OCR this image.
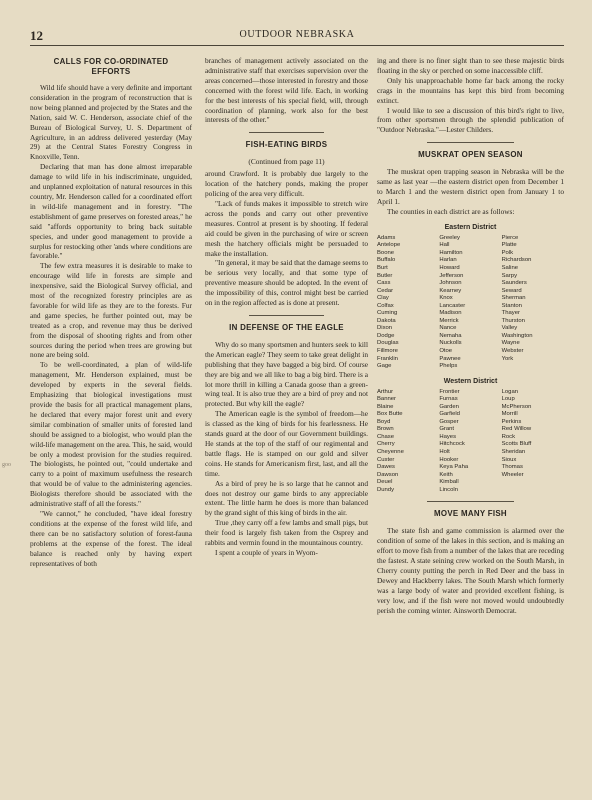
12	OUTDOOR NEBRASKA
goo
CALLS FOR CO-ORDINATED EFFORTS

Wild life should have a very definite and important consideration in the program of reconstruction that is now being planned and projected by the States and the Nation, said W. C. Henderson, associate chief of the Bureau of Biological Survey, U. S. Department of Agriculture, in an address delivered yesterday (May 29) at the Central States Forestry Congress in Knoxville, Tenn.

Declaring that man has done almost irreparable damage to wild life in his indiscriminate, unguided, and unplanned exploitation of natural resources in this country, Mr. Henderson called for a coordinated effort in wild-life management and in forestry. "The establishment of game preserves on forested areas," he said "affords opportunity to bring back suitable species, and under good management to provide a surplus for restocking other 'ands where conditions are favorable."

The few extra measures it is desirable to make to encourage wild life in forests are simple and inexpensive, said the Biological Survey official, and most of the recognized forestry principles are as favorable for wild life as they are to the forests. Fur and game species, he further pointed out, may be treated as a crop, and revenue may thus be derived from the disposal of shooting rights and from other sources during the period when trees are growing but none are being sold.

To be well-coordinated, a plan of wild-life management, Mr. Henderson explained, must be developed by experts in the several fields. Emphasizing that biological investigations must provide the basis for all practical management plans, he declared that every major forest unit and every similar combination of smaller units of forested land should be assigned to a biologist, who would plan the wild-life management on the area. This, he said, would be only a modest provision for the studies required. The biologists, he pointed out, "could undertake and carry to a point of maximum usefulness the research that would be of value to the administering agencies. Biologists therefore should be associated with the administrative staff of all the forests."

"We cannot," he concluded, "have ideal forestry conditions at the expense of the forest wild life, and there can be no satisfactory solution of forest-fauna problems at the expense of the forest. The ideal balance is reached only by having expert representatives of both

branches of management actively associated on the administrative staff that exercises supervision over the areas concerned—those interested in forestry and those concerned with the forest wild life. Each, in working for the best interests of his special field, will, through coordination of planning, work also for the best interests of the other."

FISH-EATING BIRDS
(Continued from page 11)

around Crawford. It is probably due largely to the location of the hatchery ponds, making the proper policing of the area very difficult.

"Lack of funds makes it impossible to stretch wire across the ponds and carry out other preventive measures. Control at present is by shooting. If federal aid could be given in the purchasing of wire or screen mesh the hatchery officials might be persuaded to make the installation.

"In general, it may be said that the damage seems to be serious very locally, and that some type of preventive measure should be adopted. In the event of the impossibility of this, control might best be carried on in the region affected as is done at present.

IN DEFENSE OF THE EAGLE

Why do so many sportsmen and hunters seek to kill the American eagle? They seem to take great delight in publishing that they have bagged a big bird. Of course they are big and we all like to bag a big bird. There is a lot more thrill in killing a Canada goose than a green-wing teal. It is also true they are a bird of prey and not protected. But why kill the eagle?

The American eagle is the symbol of freedom—he is classed as the king of birds for his fearlessness. He stands guard at the door of our Government buildings. He stands at the top of the staff of our regimental and battle flags. He is stamped on our gold and silver coins. He stands for Americanism first, last, and all the time.

As a bird of prey he is so large that he cannot and does not destroy our game birds to any appreciable extent. The little harm he does is more than balanced by the grand sight of this king of birds in the air.

True ,they carry off a few lambs and small pigs, but their food is largely fish taken from the Osprey and rabbits and vermin found in the mountainous country.

I spent a couple of years in Wyom-

ing and there is no finer sight than to see these majestic birds floating in the sky or perched on some inaccessible cliff.

Only his unapproachable home far back among the rocky crags in the mountains has kept this bird from becoming extinct.

I would like to see a discussion of this bird's right to live, from other sportsmen through the splendid publication of "Outdoor Nebraska."—Lester Childers.

MUSKRAT OPEN SEASON

The muskrat open trapping season in Nebraska will be the same as last year —the eastern district open from December 1 to March 1 and the western district open from January 1 to April 1.

The counties in each district are as follows:

Eastern District
Adams
Antelope
Boone
Buffalo
Burt
Butler
Cass
Cedar
Clay
Colfax
Cuming
Dakota
Dixon
Dodge
Douglas
Fillmore
Franklin
Gage
Greeley
Hall
Hamilton
Harlan
Howard
Jefferson
Johnson
Kearney
Knox
Lancaster
Madison
Merrick
Nance
Nemaha
Nuckolls
Otoe
Pawnee
Phelps
Pierce
Platte
Polk
Richardson
Saline
Sarpy
Saunders
Seward
Sherman
Stanton
Thayer
Thurston
Valley
Washington
Wayne
Webster
York
Western District
Arthur
Banner
Blaine
Box Butte
Boyd
Brown
Chase
Cherry
Cheyenne
Custer
Dawes
Dawson
Deuel
Dundy
Frontier
Furnas
Garden
Garfield
Gosper
Grant
Hayes
Hitchcock
Holt
Hooker
Keya Paha
Keith
Kimball
Lincoln
Logan
Loup
McPherson
Morrill
Perkins
Red Willow
Rock
Scotts Bluff
Sheridan
Sioux
Thomas
Wheeler
MOVE MANY FISH

The state fish and game commission is alarmed over the condition of some of the lakes in this section, and is making an effort to move fish from a number of the lakes that are receding the fastest. A state seining crew worked on the South Marsh, in Cherry county putting the perch in Red Deer and the bass in Dewey and Hackberry lakes. The South Marsh which formerly was a large body of water and provided excellent fishing, is very low, and if the fish were not moved would undoubtedly perish the coming winter. Ainsworth Democrat.
